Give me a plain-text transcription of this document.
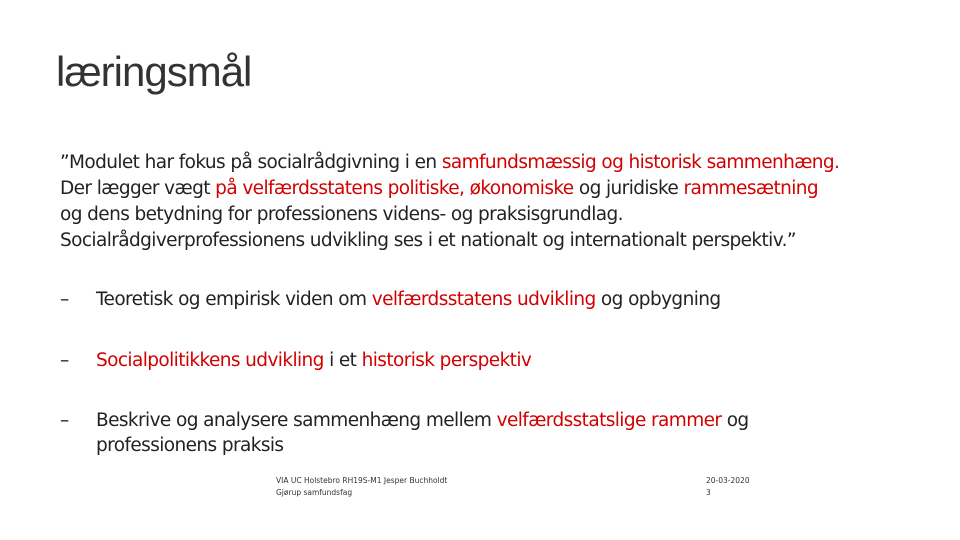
læringsmål
”Modulet har fokus på socialrådgivning i en samfundsmæssig og historisk sammenhæng.
Der lægger vægt på velfærdsstatens politiske, økonomiske og juridiske rammesætning
og dens betydning for professionens videns- og praksisgrundlag.
Socialrådgiverprofessionens udvikling ses i et nationalt og internationalt perspektiv.”
– Teoretisk og empirisk viden om velfærdsstatens udvikling og opbygning
– Socialpolitikkens udvikling i et historisk perspektiv
– Beskrive og analysere sammenhæng mellem velfærdsstatslige rammer og professionens praksis
VIA UC Holstebro RH19S-M1 Jesper Buchholdt
Gjørup samfundsfag
20-03-2020
3
